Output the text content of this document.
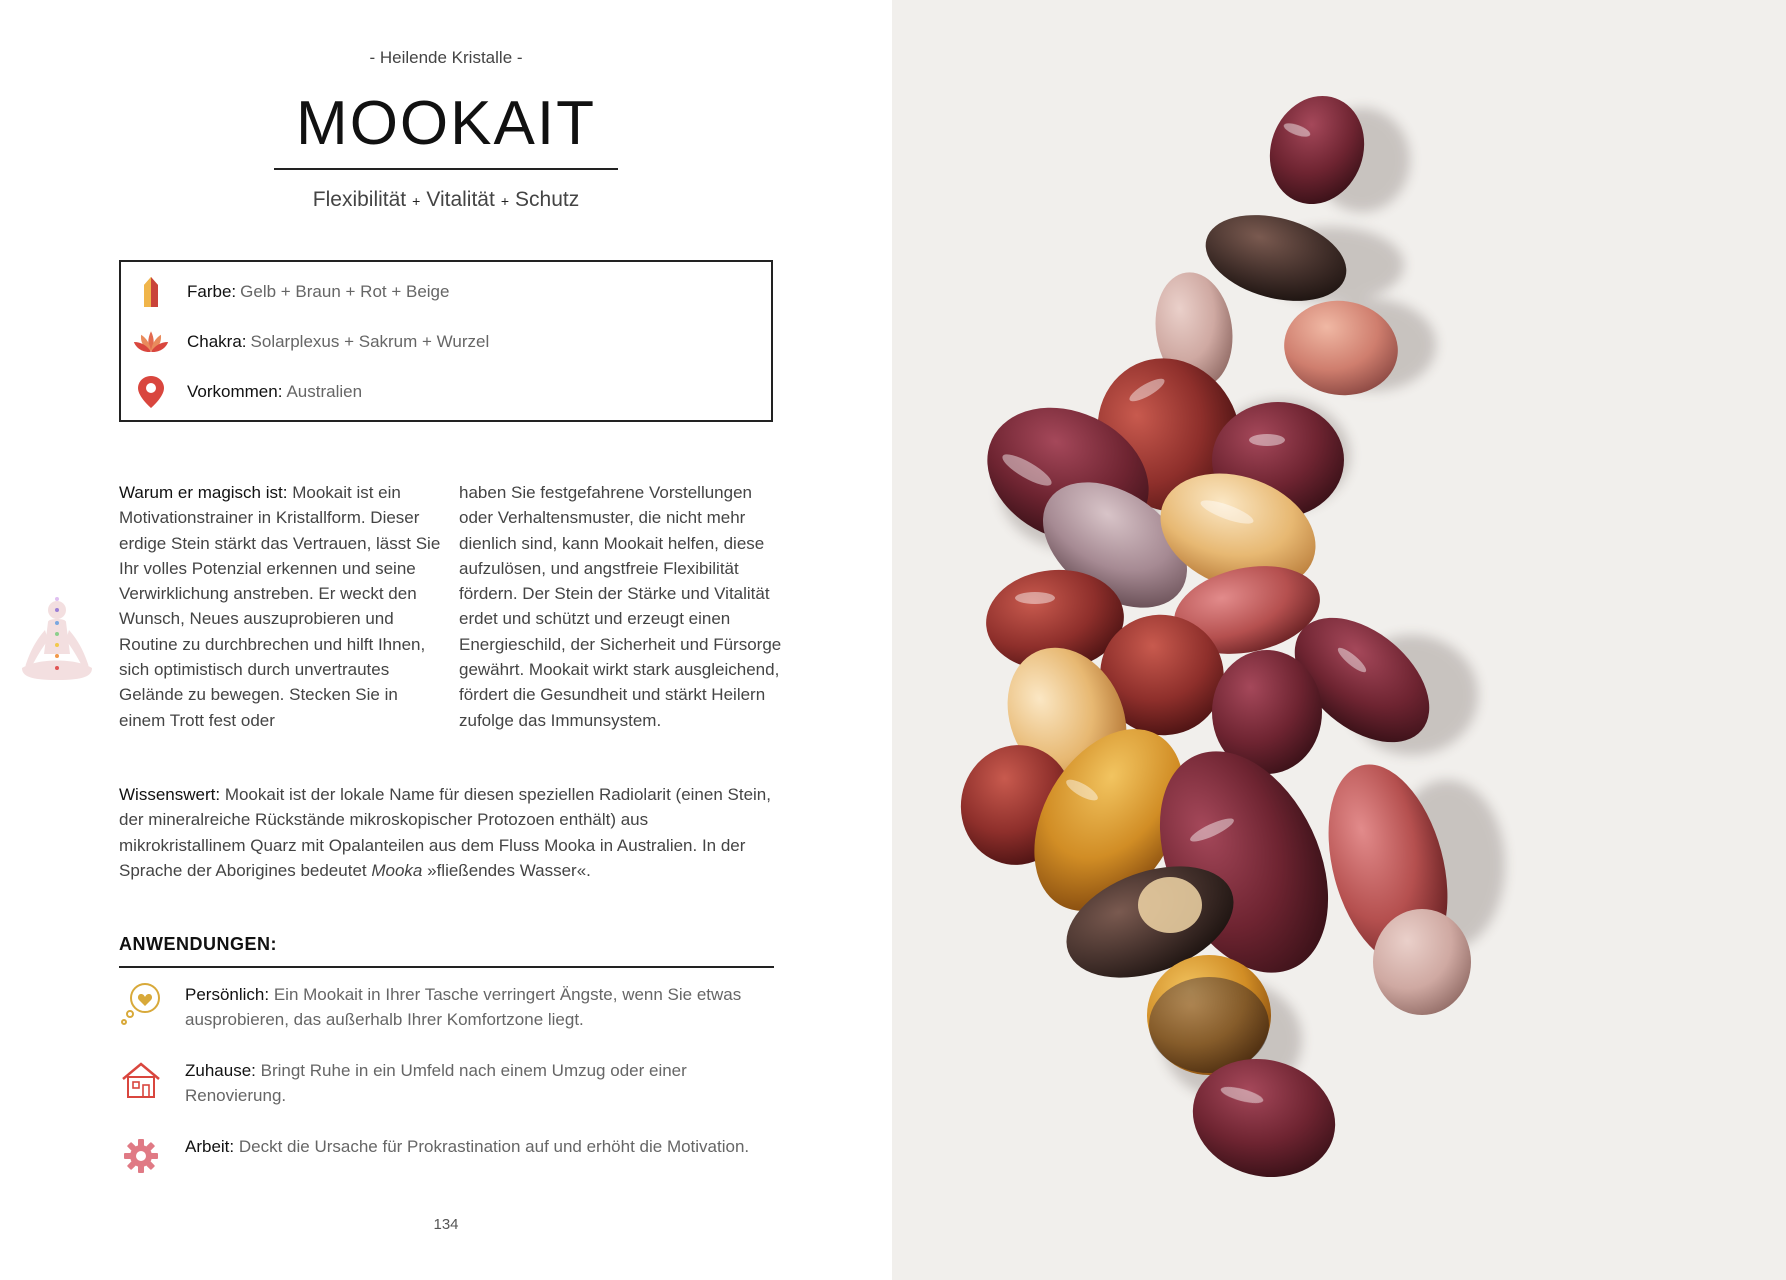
- Heilende Kristalle -
MOOKAIT
Flexibilität + Vitalität + Schutz
Farbe: Gelb + Braun + Rot + Beige
Chakra: Solarplexus + Sakrum + Wurzel
Vorkommen: Australien
Warum er magisch ist: Mookait ist ein Motivationstrainer in Kristallform. Dieser erdige Stein stärkt das Vertrauen, lässt Sie Ihr volles Potenzial erkennen und seine Verwirklichung anstreben. Er weckt den Wunsch, Neues auszuprobieren und Routine zu durchbrechen und hilft Ihnen, sich optimistisch durch unvertrautes Gelände zu bewegen. Stecken Sie in einem Trott fest oder
haben Sie festgefahrene Vorstellungen oder Verhaltensmuster, die nicht mehr dienlich sind, kann Mookait helfen, diese aufzulösen, und angstfreie Flexibilität fördern. Der Stein der Stärke und Vitalität erdet und schützt und erzeugt einen Energieschild, der Sicherheit und Fürsorge gewährt. Mookait wirkt stark ausgleichend, fördert die Gesundheit und stärkt Heilern zufolge das Immunsystem.
Wissenswert: Mookait ist der lokale Name für diesen speziellen Radiolarit (einen Stein, der mineralreiche Rückstände mikroskopischer Protozoen enthält) aus mikrokristallinem Quarz mit Opalanteilen aus dem Fluss Mooka in Australien. In der Sprache der Aborigines bedeutet Mooka »fließendes Wasser«.
ANWENDUNGEN:
Persönlich: Ein Mookait in Ihrer Tasche verringert Ängste, wenn Sie etwas ausprobieren, das außerhalb Ihrer Komfortzone liegt.
Zuhause: Bringt Ruhe in ein Umfeld nach einem Umzug oder einer Renovierung.
Arbeit: Deckt die Ursache für Prokrastination auf und erhöht die Motivation.
134
